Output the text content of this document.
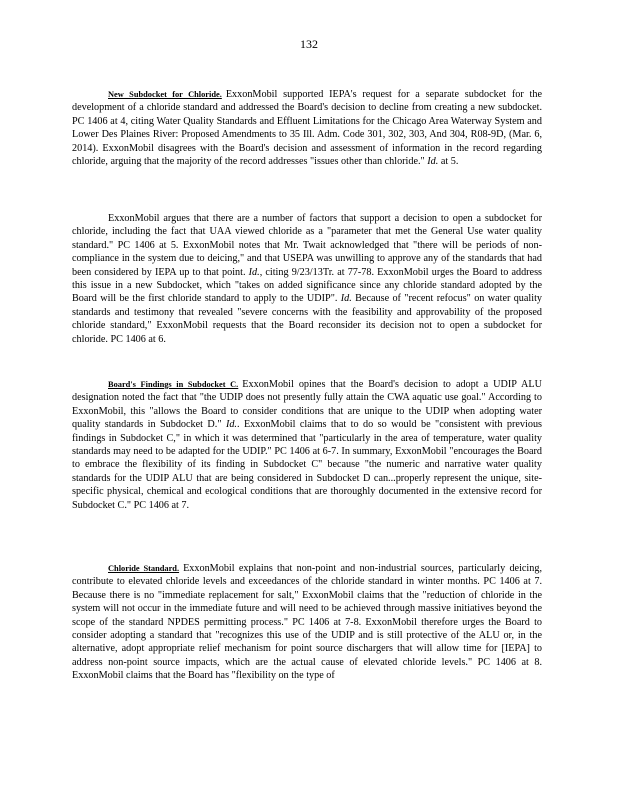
132

New Subdocket for Chloride. ExxonMobil supported IEPA's request for a separate subdocket for the development of a chloride standard and addressed the Board's decision to decline from creating a new subdocket. PC 1406 at 4, citing Water Quality Standards and Effluent Limitations for the Chicago Area Waterway System and Lower Des Plaines River: Proposed Amendments to 35 Ill. Adm. Code 301, 302, 303, And 304, R08-9D, (Mar. 6, 2014). ExxonMobil disagrees with the Board's decision and assessment of information in the record regarding chloride, arguing that the majority of the record addresses "issues other than chloride." Id. at 5.

ExxonMobil argues that there are a number of factors that support a decision to open a subdocket for chloride, including the fact that UAA viewed chloride as a "parameter that met the General Use water quality standard." PC 1406 at 5. ExxonMobil notes that Mr. Twait acknowledged that "there will be periods of non-compliance in the system due to deicing," and that USEPA was unwilling to approve any of the standards that had been considered by IEPA up to that point. Id., citing 9/23/13Tr. at 77-78. ExxonMobil urges the Board to address this issue in a new Subdocket, which "takes on added significance since any chloride standard adopted by the Board will be the first chloride standard to apply to the UDIP". Id. Because of "recent refocus" on water quality standards and testimony that revealed "severe concerns with the feasibility and approvability of the proposed chloride standard," ExxonMobil requests that the Board reconsider its decision not to open a subdocket for chloride. PC 1406 at 6.

Board's Findings in Subdocket C. ExxonMobil opines that the Board's decision to adopt a UDIP ALU designation noted the fact that "the UDIP does not presently fully attain the CWA aquatic use goal." According to ExxonMobil, this "allows the Board to consider conditions that are unique to the UDIP when adopting water quality standards in Subdocket D." Id.. ExxonMobil claims that to do so would be "consistent with previous findings in Subdocket C," in which it was determined that "particularly in the area of temperature, water quality standards may need to be adapted for the UDIP." PC 1406 at 6-7. In summary, ExxonMobil "encourages the Board to embrace the flexibility of its finding in Subdocket C" because "the numeric and narrative water quality standards for the UDIP ALU that are being considered in Subdocket D can...properly represent the unique, site-specific physical, chemical and ecological conditions that are thoroughly documented in the extensive record for Subdocket C." PC 1406 at 7.

Chloride Standard. ExxonMobil explains that non-point and non-industrial sources, particularly deicing, contribute to elevated chloride levels and exceedances of the chloride standard in winter months. PC 1406 at 7. Because there is no "immediate replacement for salt," ExxonMobil claims that the "reduction of chloride in the system will not occur in the immediate future and will need to be achieved through massive initiatives beyond the scope of the standard NPDES permitting process." PC 1406 at 7-8. ExxonMobil therefore urges the Board to consider adopting a standard that "recognizes this use of the UDIP and is still protective of the ALU or, in the alternative, adopt appropriate relief mechanism for point source dischargers that will allow time for [IEPA] to address non-point source impacts, which are the actual cause of elevated chloride levels." PC 1406 at 8. ExxonMobil claims that the Board has "flexibility on the type of
